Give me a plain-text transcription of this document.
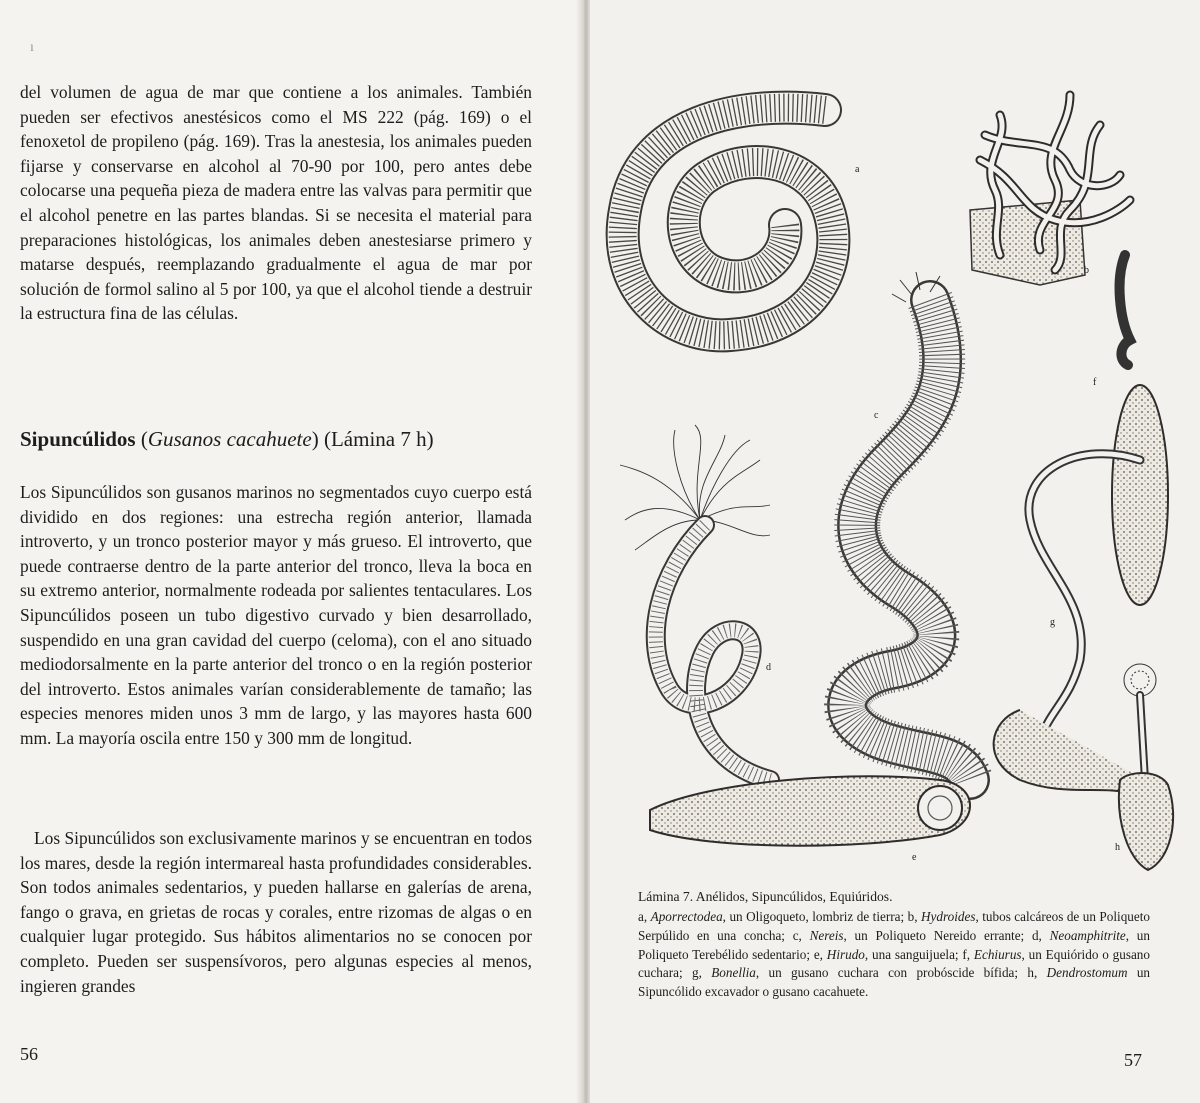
ı

del volumen de agua de mar que contiene a los animales. También pueden ser efectivos anestésicos como el MS 222 (pág. 169) o el fenoxetol de propileno (pág. 169). Tras la anestesia, los animales pueden fijarse y conservarse en alcohol al 70-90 por 100, pero antes debe colocarse una pequeña pieza de madera entre las valvas para permitir que el alcohol penetre en las partes blandas. Si se necesita el material para preparaciones histológicas, los animales deben anestesiarse primero y matarse después, reemplazando gradualmente el agua de mar por solución de formol salino al 5 por 100, ya que el alcohol tiende a destruir la estructura fina de las células.

Sipuncúlidos (Gusanos cacahuete) (Lámina 7 h)

Los Sipuncúlidos son gusanos marinos no segmentados cuyo cuerpo está dividido en dos regiones: una estrecha región anterior, llamada introverto, y un tronco posterior mayor y más grueso. El introverto, que puede contraerse dentro de la parte anterior del tronco, lleva la boca en su extremo anterior, normalmente rodeada por salientes tentaculares. Los Sipuncúlidos poseen un tubo digestivo curvado y bien desarrollado, suspendido en una gran cavidad del cuerpo (celoma), con el ano situado mediodorsalmente en la parte anterior del tronco o en la región posterior del introverto. Estos animales varían considerablemente de tamaño; las especies menores miden unos 3 mm de largo, y las mayores hasta 600 mm. La mayoría oscila entre 150 y 300 mm de longitud.

Los Sipuncúlidos son exclusivamente marinos y se encuentran en todos los mares, desde la región intermareal hasta profundidades considerables. Son todos animales sedentarios, y pueden hallarse en galerías de arena, fango o grava, en grietas de rocas y corales, entre rizomas de algas o en cualquier lugar protegido. Sus hábitos alimentarios no se conocen por completo. Pueden ser suspensívoros, pero algunas especies al menos, ingieren grandes

56
a
b
c
d
e
f
g
h

Lámina 7. Anélidos, Sipuncúlidos, Equiúridos.

a, Aporrectodea, un Oligoqueto, lombriz de tierra; b, Hydroides, tubos calcáreos de un Poliqueto Serpúlido en una concha; c, Nereis, un Poliqueto Nereido errante; d, Neoamphitrite, un Poliqueto Terebélido sedentario; e, Hirudo, una sanguijuela; f, Echiurus, un Equiórido o gusano cuchara; g, Bonellia, un gusano cuchara con probóscide bífida; h, Dendrostomum un Sipuncólido excavador o gusano cacahuete.

57
